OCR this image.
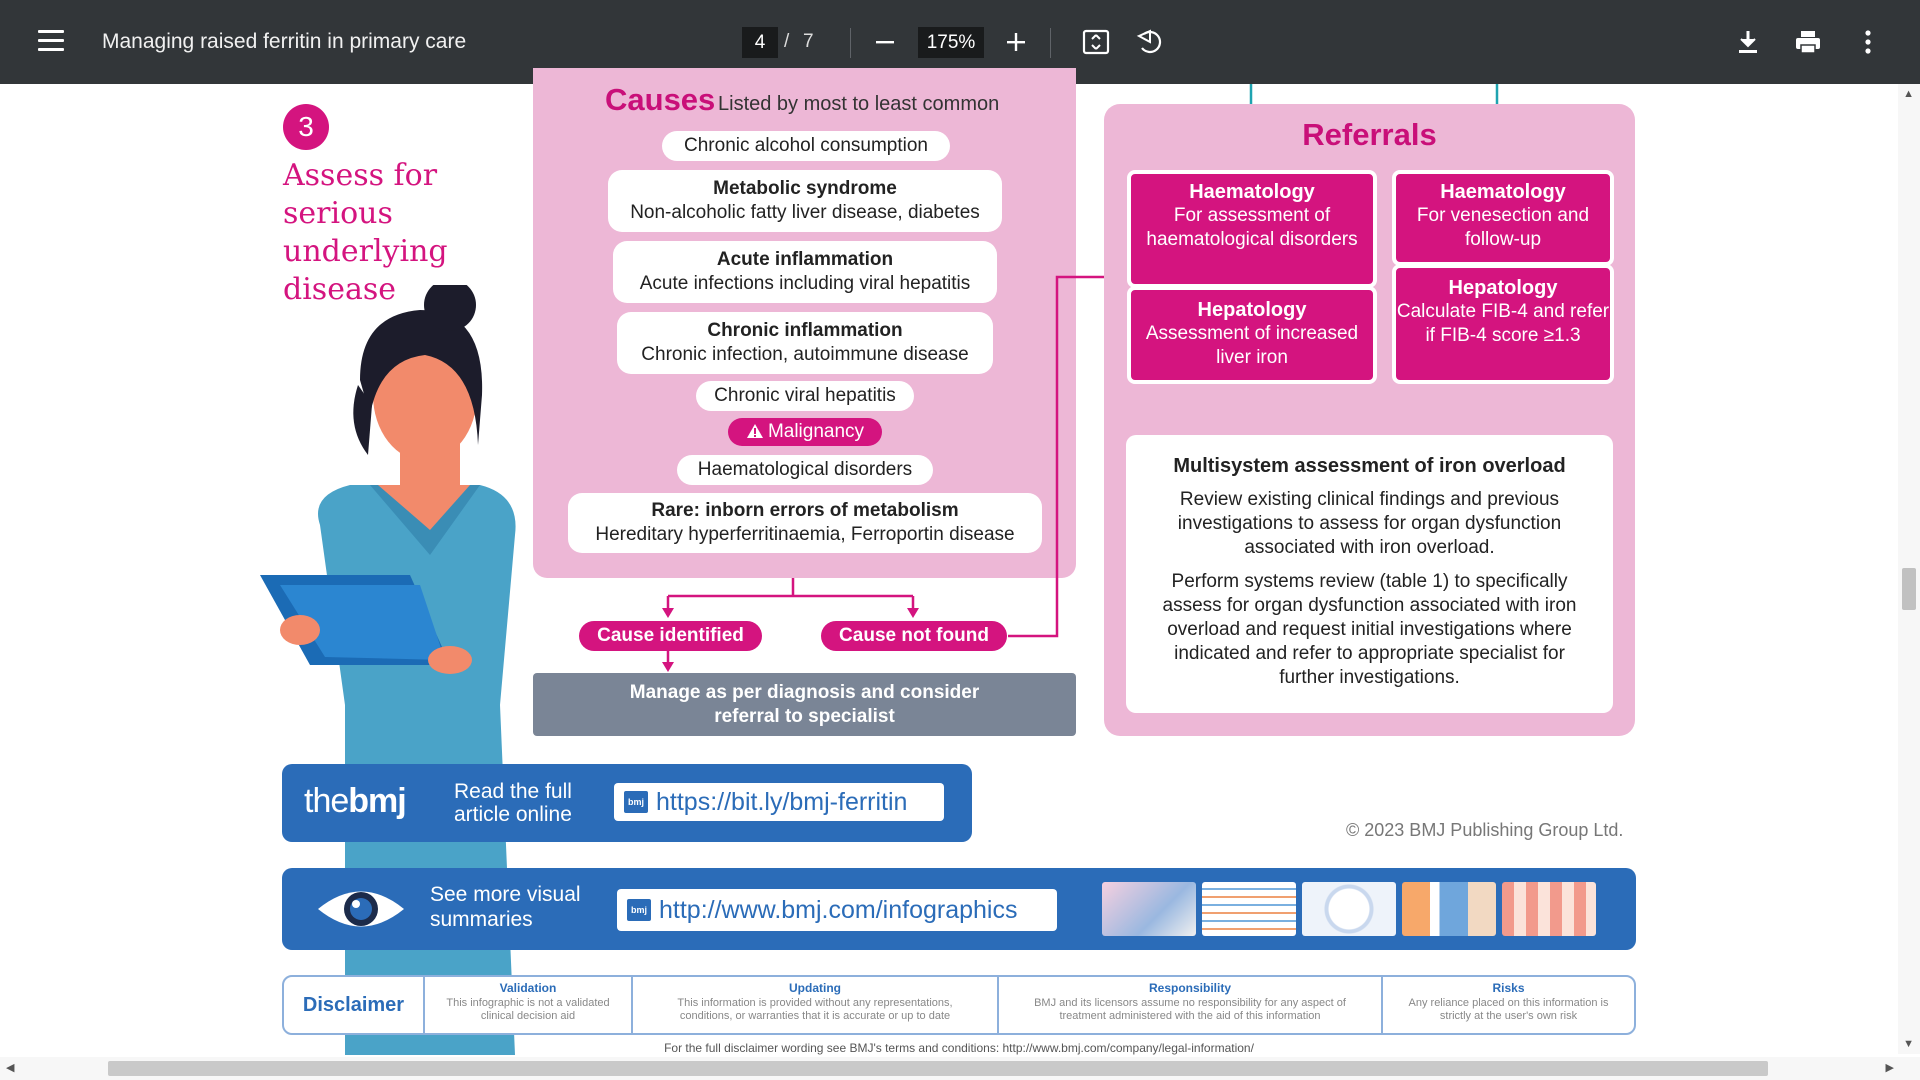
Managing raised ferritin in primary care	4 / 7	175%
3
Assess for serious underlying disease
Causes Listed by most to least common
Chronic alcohol consumption
Metabolic syndrome
Non-alcoholic fatty liver disease, diabetes
Acute inflammation
Acute infections including viral hepatitis
Chronic inflammation
Chronic infection, autoimmune disease
Chronic viral hepatitis
Malignancy
Haematological disorders
Rare: inborn errors of metabolism
Hereditary hyperferritinaemia, Ferroportin disease
Cause identified	Cause not found
Manage as per diagnosis and consider
referral to specialist
Referrals
Haematology
For assessment of haematological disorders
Haematology
For venesection and follow-up
Hepatology
Assessment of increased liver iron
Hepatology
Calculate FIB-4 and refer if FIB-4 score ≥1.3
Multisystem assessment of iron overload
Review existing clinical findings and previous investigations to assess for organ dysfunction associated with iron overload.
Perform systems review (table 1) to specifically assess for organ dysfunction associated with iron overload and request initial investigations where indicated and refer to appropriate specialist for further investigations.
thebmj Read the full
article online
bmj https://bit.ly/bmj-ferritin
© 2023 BMJ Publishing Group Ltd.
See more visual
summaries	bmj http://www.bmj.com/infographics
Disclaimer
Validation
This infographic is not a validated clinical decision aid
Updating
This information is provided without any representations, conditions, or warranties that it is accurate or up to date
Responsibility
BMJ and its licensors assume no responsibility for any aspect of treatment administered with the aid of this information
Risks
Any reliance placed on this information is strictly at the user's own risk
For the full disclaimer wording see BMJ's terms and conditions: http://www.bmj.com/company/legal-information/
▲
▼
◀	▶
